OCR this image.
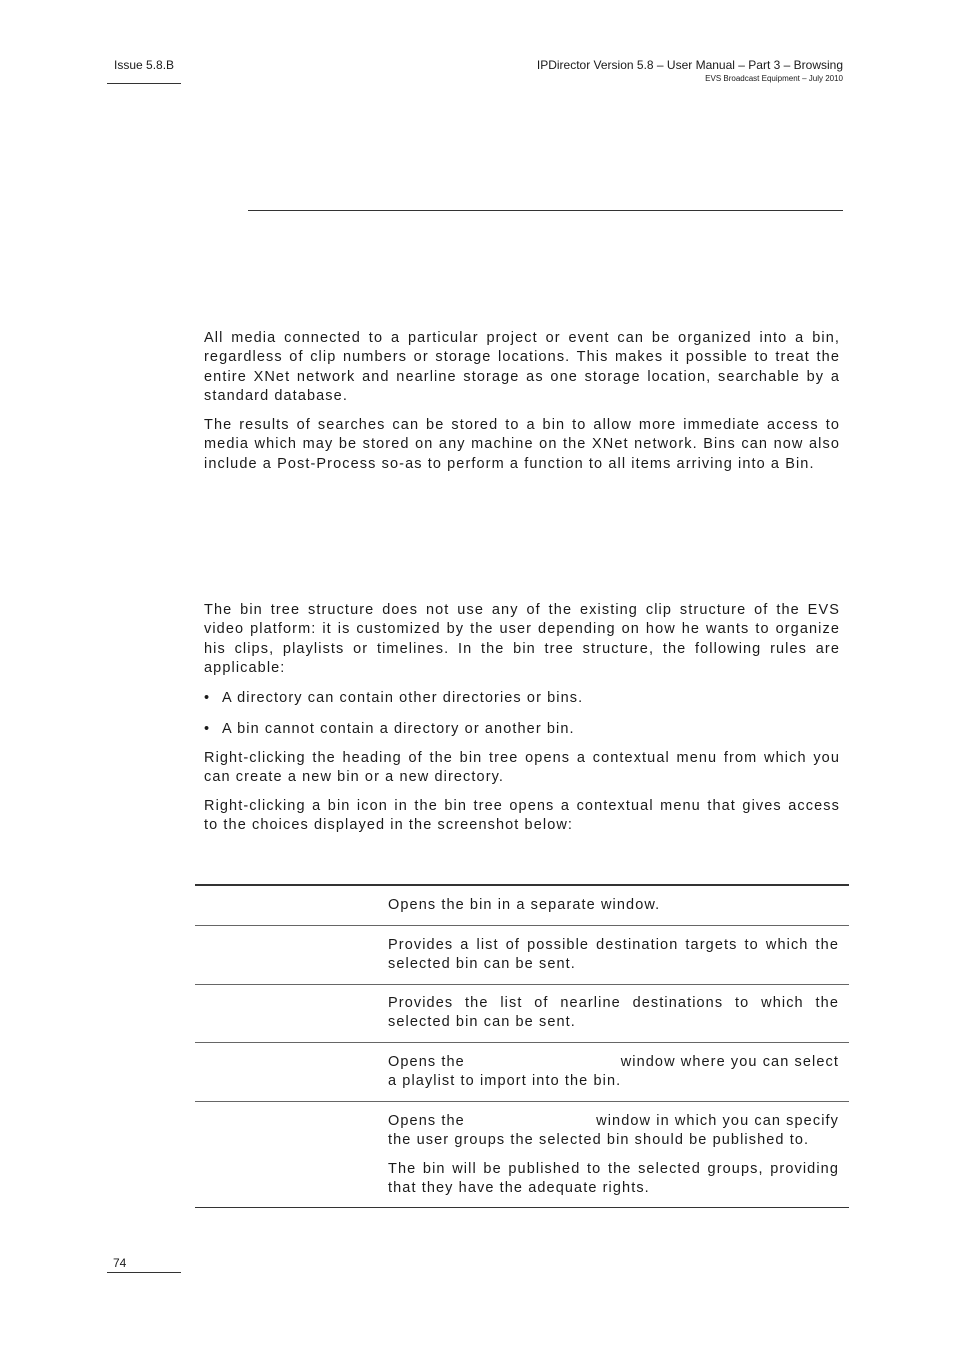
Issue 5.8.B	IPDirector Version 5.8 – User Manual – Part 3 – Browsing
EVS Broadcast Equipment – July 2010

All media connected to a particular project or event can be organized into a bin, regardless of clip numbers or storage locations. This makes it possible to treat the entire XNet network and nearline storage as one storage location, searchable by a standard database.

The results of searches can be stored to a bin to allow more immediate access to media which may be stored on any machine on the XNet network. Bins can now also include a Post-Process so-as to perform a function to all items arriving into a Bin.

The bin tree structure does not use any of the existing clip structure of the EVS video platform: it is customized by the user depending on how he wants to organize his clips, playlists or timelines. In the bin tree structure, the following rules are applicable:

• A directory can contain other directories or bins.
• A bin cannot contain a directory or another bin.

Right-clicking the heading of the bin tree opens a contextual menu from which you can create a new bin or a new directory.

Right-clicking a bin icon in the bin tree opens a contextual menu that gives access to the choices displayed in the screenshot below:

Opens the bin in a separate window.

Provides a list of possible destination targets to which the selected bin can be sent.

Provides the list of nearline destinations to which the selected bin can be sent.

Opens the	window where you can select
a playlist to import into the bin.
Opens the	window in which you can specify
the user groups the selected bin should be published to.

The bin will be published to the selected groups, providing that they have the adequate rights.

74
